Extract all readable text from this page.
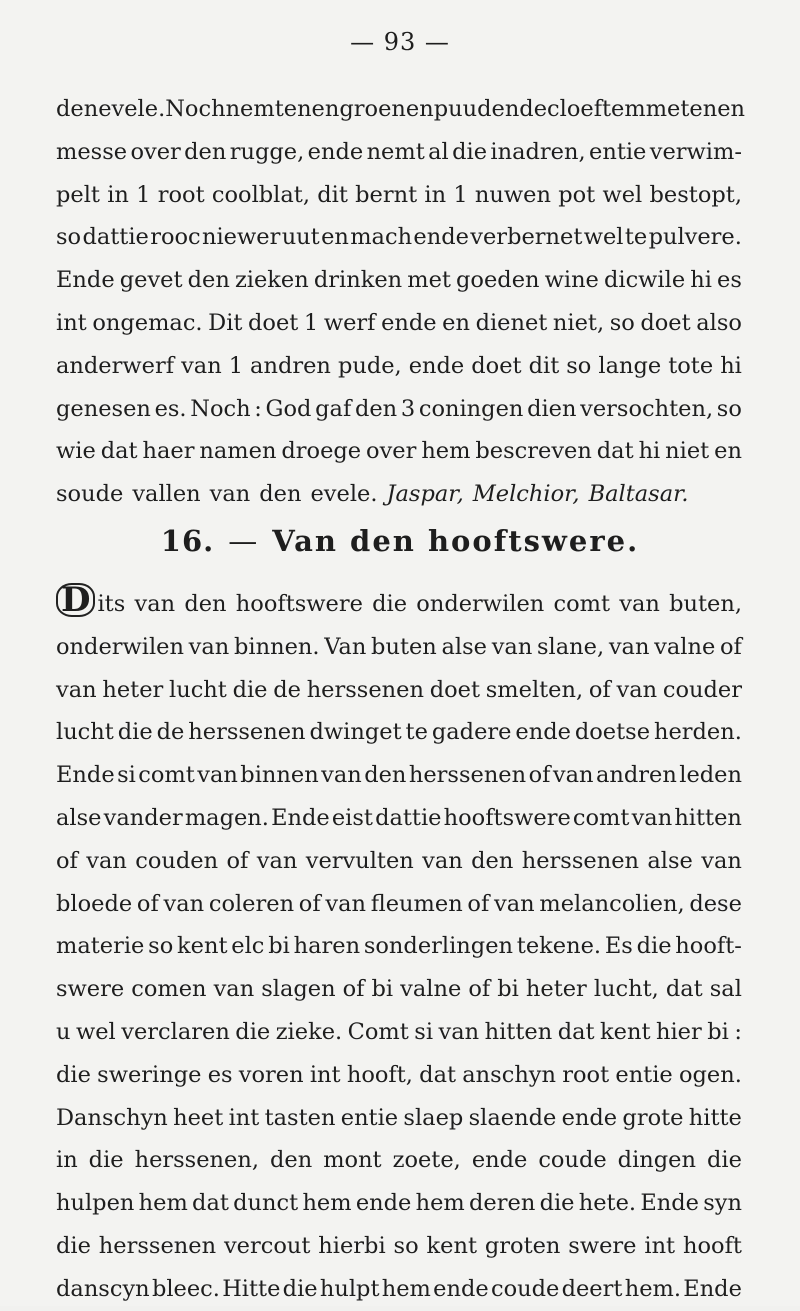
— 93 —
den evele. Noch nemt enen groenen puud ende cloeftem met enen
messe over den rugge, ende nemt al die inadren, entie verwim-
pelt in 1 root coolblat, dit bernt in 1 nuwen pot wel bestopt,
so dattie rooc niewer uut en mach ende verbernet wel te pulvere.
Ende gevet den zieken drinken met goeden wine dicwile hi es
int ongemac. Dit doet 1 werf ende en dienet niet, so doet also
anderwerf van 1 andren pude, ende doet dit so lange tote hi
genesen es. Noch : God gaf den 3 coningen dien versochten, so
wie dat haer namen droege over hem bescreven dat hi niet en
soude vallen van den evele. Jaspar, Melchior, Baltasar.
16. — Van den hooftswere.
D its van den hooftswere die onderwilen comt van buten,
onderwilen van binnen. Van buten alse van slane, van valne of
van heter lucht die de herssenen doet smelten, of van couder
lucht die de herssenen dwinget te gadere ende doetse herden.
Ende si comt van binnen van den herssenen of van andren leden
alse vander magen. Ende eist dattie hooftswere comt van hitten
of van couden of van vervulten van den herssenen alse van
bloede of van coleren of van fleumen of van melancolien, dese
materie so kent elc bi haren sonderlingen tekene. Es die hooft-
swere comen van slagen of bi valne of bi heter lucht, dat sal
u wel verclaren die zieke. Comt si van hitten dat kent hier bi :
die sweringe es voren int hooft, dat anschyn root entie ogen.
Danschyn heet int tasten entie slaep slaende ende grote hitte
in die herssenen, den mont zoete, ende coude dingen die
hulpen hem dat dunct hem ende hem deren die hete. Ende syn
die herssenen vercout hierbi so kent groten swere int hooft
danscyn bleec. Hitte die hulpt hem ende coude deert hem. Ende
